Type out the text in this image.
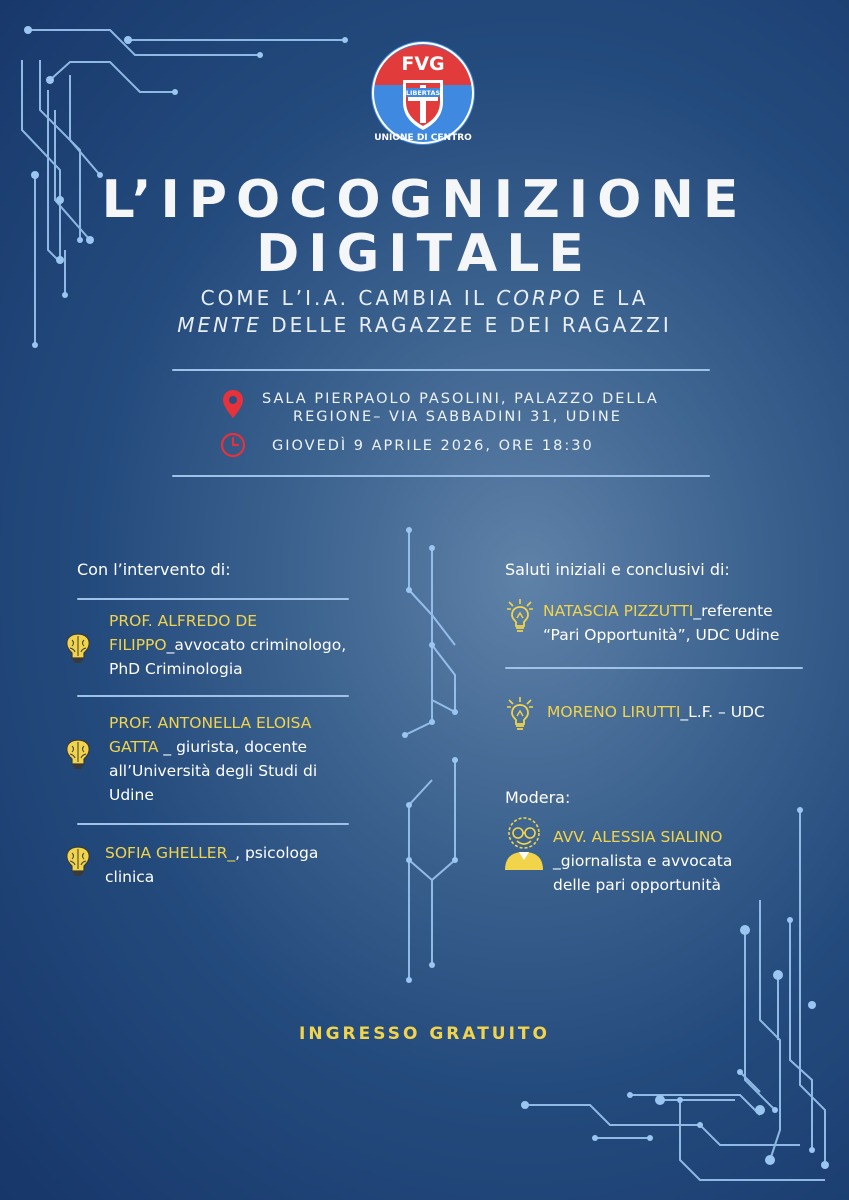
FVG
LIBERTAS
UNIONE DI CENTRO
L’IPOCOGNIZIONE
DIGITALE
COME L’I.A. CAMBIA IL CORPO E LA
MENTE DELLE RAGAZZE E DEI RAGAZZI
SALA PIERPAOLO PASOLINI, PALAZZO DELLA
REGIONE– VIA SABBADINI 31, UDINE
GIOVEDÌ 9 APRILE 2026, ORE 18:30
Con l’intervento di:
PROF. ALFREDO DE
FILIPPO_avvocato criminologo,
PhD Criminologia
PROF. ANTONELLA ELOISA
GATTA _ giurista, docente
all’Università degli Studi di
Udine
SOFIA GHELLER_, psicologa
clinica
Saluti iniziali e conclusivi di:
NATASCIA PIZZUTTI_referente
“Pari Opportunità”, UDC Udine
MORENO LIRUTTI_L.F. – UDC
Modera:
AVV. ALESSIA SIALINO
_giornalista e avvocata
delle pari opportunità
INGRESSO GRATUITO
